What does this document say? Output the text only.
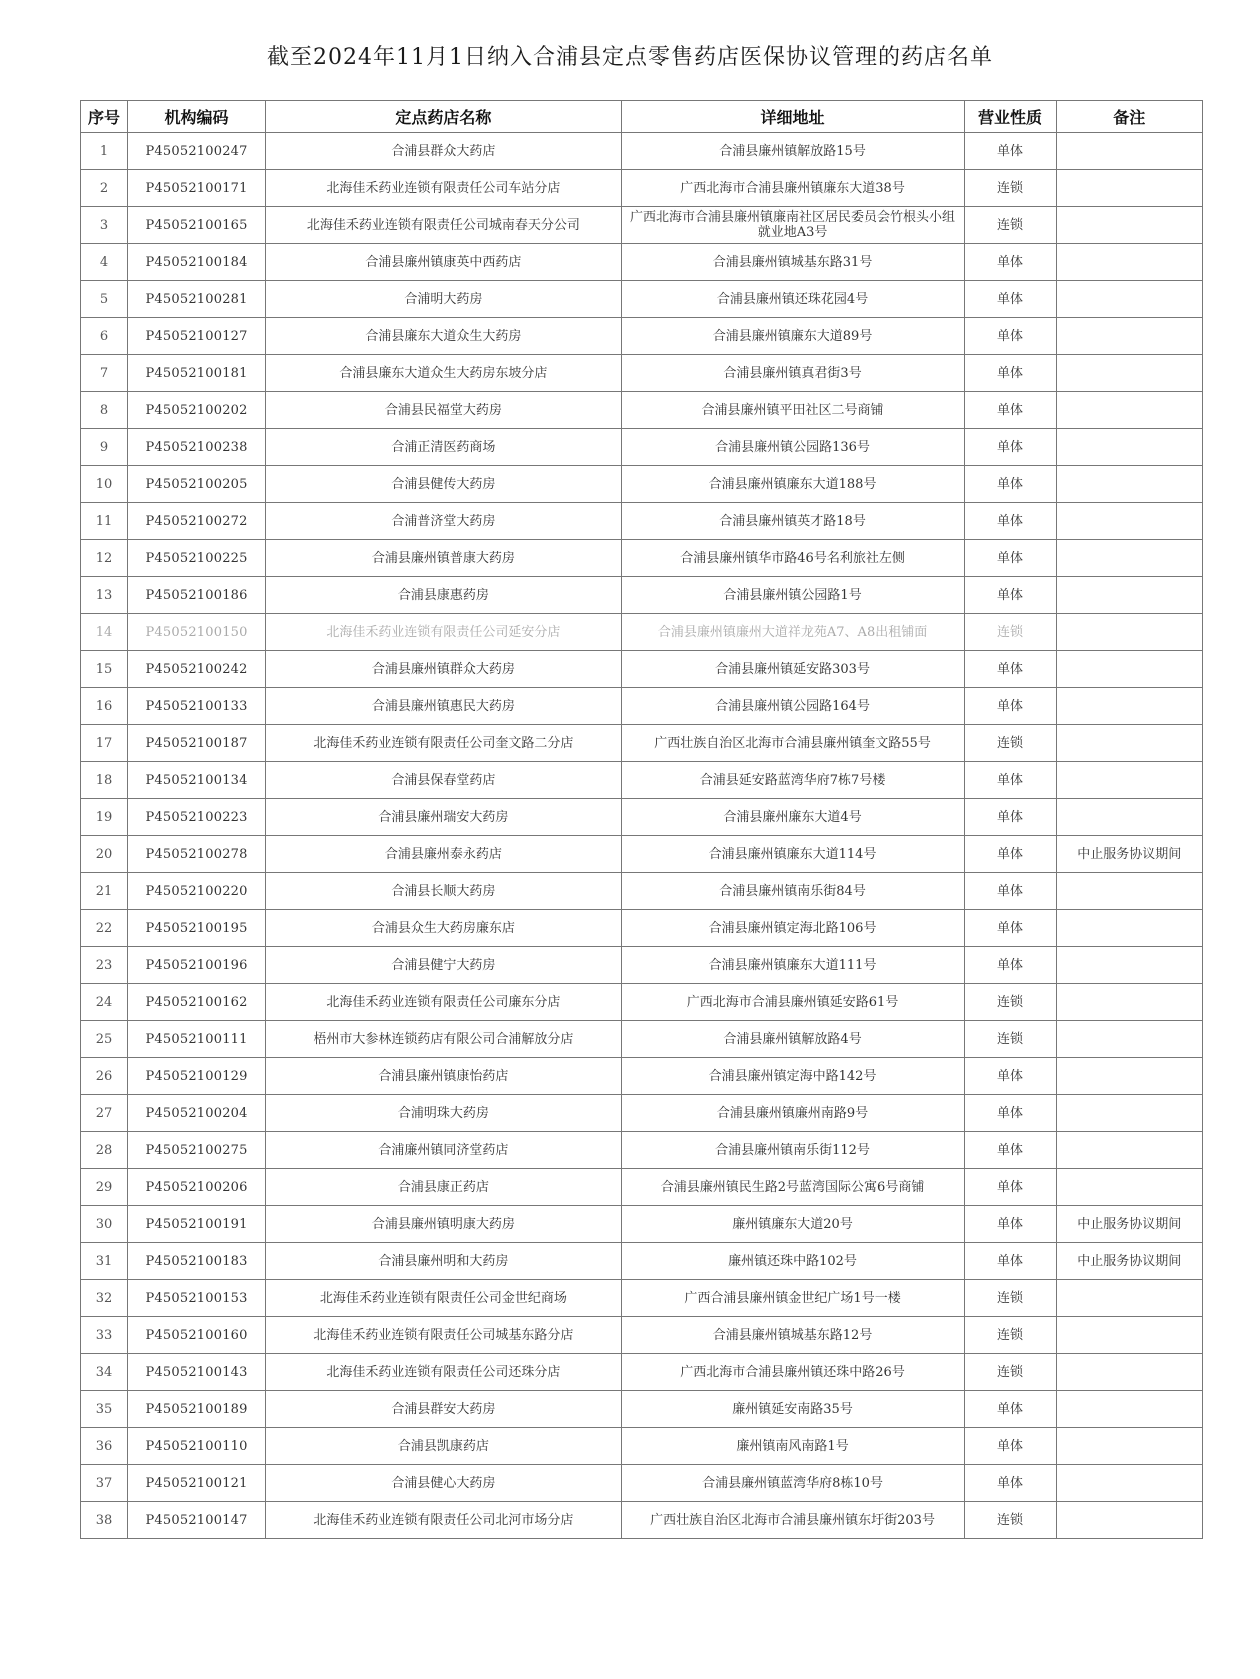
截至2024年11月1日纳入合浦县定点零售药店医保协议管理的药店名单
序号	机构编码	定点药店名称	详细地址	营业性质	备注
1	P45052100247	合浦县群众大药店	合浦县廉州镇解放路15号	单体	
2	P45052100171	北海佳禾药业连锁有限责任公司车站分店	广西北海市合浦县廉州镇廉东大道38号	连锁	
3	P45052100165	北海佳禾药业连锁有限责任公司城南春天分公司	广西北海市合浦县廉州镇廉南社区居民委员会竹根头小组就业地A3号	连锁	
4	P45052100184	合浦县廉州镇康英中西药店	合浦县廉州镇城基东路31号	单体	
5	P45052100281	合浦明大药房	合浦县廉州镇还珠花园4号	单体	
6	P45052100127	合浦县廉东大道众生大药房	合浦县廉州镇廉东大道89号	单体	
7	P45052100181	合浦县廉东大道众生大药房东坡分店	合浦县廉州镇真君街3号	单体	
8	P45052100202	合浦县民福堂大药房	合浦县廉州镇平田社区二号商铺	单体	
9	P45052100238	合浦正清医药商场	合浦县廉州镇公园路136号	单体	
10	P45052100205	合浦县健传大药房	合浦县廉州镇廉东大道188号	单体	
11	P45052100272	合浦普济堂大药房	合浦县廉州镇英才路18号	单体	
12	P45052100225	合浦县廉州镇普康大药房	合浦县廉州镇华市路46号名利旅社左侧	单体	
13	P45052100186	合浦县康惠药房	合浦县廉州镇公园路1号	单体	
14	P45052100150	北海佳禾药业连锁有限责任公司延安分店	合浦县廉州镇廉州大道祥龙苑A7、A8出租铺面	连锁	
15	P45052100242	合浦县廉州镇群众大药房	合浦县廉州镇延安路303号	单体	
16	P45052100133	合浦县廉州镇惠民大药房	合浦县廉州镇公园路164号	单体	
17	P45052100187	北海佳禾药业连锁有限责任公司奎文路二分店	广西壮族自治区北海市合浦县廉州镇奎文路55号	连锁	
18	P45052100134	合浦县保春堂药店	合浦县延安路蓝湾华府7栋7号楼	单体	
19	P45052100223	合浦县廉州瑞安大药房	合浦县廉州廉东大道4号	单体	
20	P45052100278	合浦县廉州泰永药店	合浦县廉州镇廉东大道114号	单体	中止服务协议期间
21	P45052100220	合浦县长顺大药房	合浦县廉州镇南乐街84号	单体	
22	P45052100195	合浦县众生大药房廉东店	合浦县廉州镇定海北路106号	单体	
23	P45052100196	合浦县健宁大药房	合浦县廉州镇廉东大道111号	单体	
24	P45052100162	北海佳禾药业连锁有限责任公司廉东分店	广西北海市合浦县廉州镇延安路61号	连锁	
25	P45052100111	梧州市大参林连锁药店有限公司合浦解放分店	合浦县廉州镇解放路4号	连锁	
26	P45052100129	合浦县廉州镇康怡药店	合浦县廉州镇定海中路142号	单体	
27	P45052100204	合浦明珠大药房	合浦县廉州镇廉州南路9号	单体	
28	P45052100275	合浦廉州镇同济堂药店	合浦县廉州镇南乐街112号	单体	
29	P45052100206	合浦县康正药店	合浦县廉州镇民生路2号蓝湾国际公寓6号商铺	单体	
30	P45052100191	合浦县廉州镇明康大药房	廉州镇廉东大道20号	单体	中止服务协议期间
31	P45052100183	合浦县廉州明和大药房	廉州镇还珠中路102号	单体	中止服务协议期间
32	P45052100153	北海佳禾药业连锁有限责任公司金世纪商场	广西合浦县廉州镇金世纪广场1号一楼	连锁	
33	P45052100160	北海佳禾药业连锁有限责任公司城基东路分店	合浦县廉州镇城基东路12号	连锁	
34	P45052100143	北海佳禾药业连锁有限责任公司还珠分店	广西北海市合浦县廉州镇还珠中路26号	连锁	
35	P45052100189	合浦县群安大药房	廉州镇延安南路35号	单体	
36	P45052100110	合浦县凯康药店	廉州镇南风南路1号	单体	
37	P45052100121	合浦县健心大药房	合浦县廉州镇蓝湾华府8栋10号	单体	
38	P45052100147	北海佳禾药业连锁有限责任公司北河市场分店	广西壮族自治区北海市合浦县廉州镇东圩街203号	连锁	
